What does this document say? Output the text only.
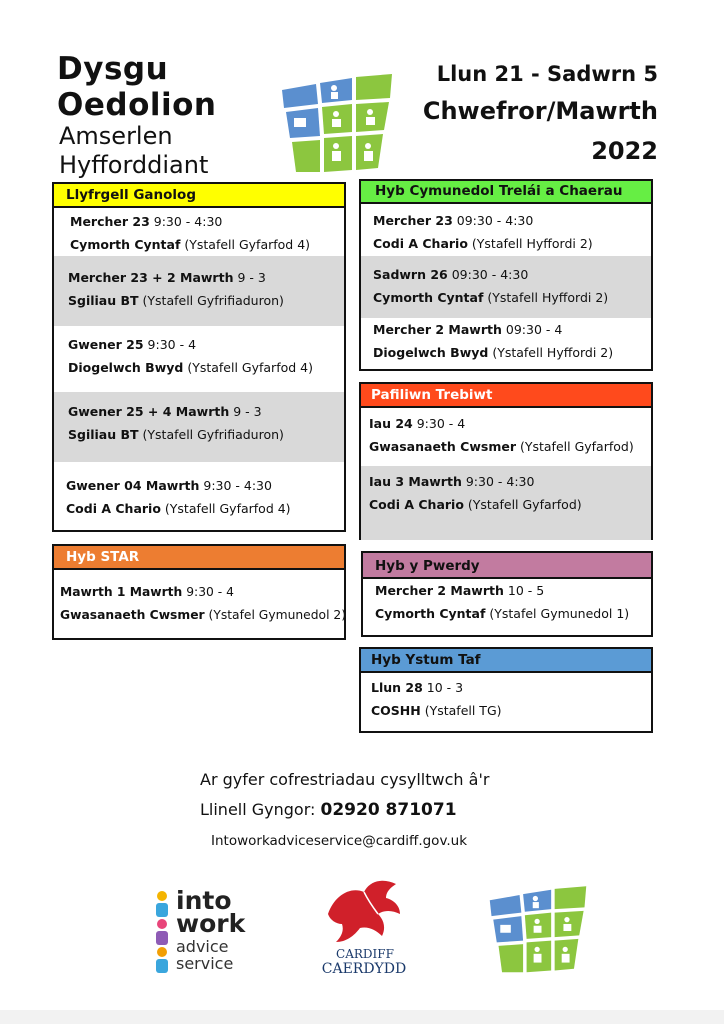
Dysgu
Oedolion
Amserlen
Hyfforddiant
Llun 21 - Sadwrn 5
Chwefror/Mawrth
2022
Llyfrgell Ganolog
Mercher 23 9:30 - 4:30
Cymorth Cyntaf (Ystafell Gyfarfod 4)
Mercher 23 + 2 Mawrth 9 - 3
Sgiliau BT (Ystafell Gyfrifiaduron)
Gwener 25 9:30 - 4
Diogelwch Bwyd (Ystafell Gyfarfod 4)
Gwener 25 + 4 Mawrth 9 - 3
Sgiliau BT (Ystafell Gyfrifiaduron)
Gwener 04 Mawrth 9:30 - 4:30
Codi A Chario (Ystafell Gyfarfod 4)
Hyb STAR
Mawrth 1 Mawrth 9:30 - 4
Gwasanaeth Cwsmer (Ystafel Gymunedol 2)
Hyb Cymunedol Trelái a Chaerau
Mercher 23 09:30 - 4:30
Codi A Chario (Ystafell Hyffordi 2)
Sadwrn 26 09:30 - 4:30
Cymorth Cyntaf (Ystafell Hyffordi 2)
Mercher 2 Mawrth 09:30 - 4
Diogelwch Bwyd (Ystafell Hyffordi 2)
Pafiliwn Trebiwt
Iau 24 9:30 - 4
Gwasanaeth Cwsmer (Ystafell Gyfarfod)
Iau 3 Mawrth 9:30 - 4:30
Codi A Chario (Ystafell Gyfarfod)
Hyb y Pwerdy
Mercher 2 Mawrth 10 - 5
Cymorth Cyntaf (Ystafel Gymunedol 1)
Hyb Ystum Taf
Llun 28 10 - 3
COSHH (Ystafell TG)
Ar gyfer cofrestriadau cysylltwch â'r
Llinell Gyngor: 02920 871071
Intoworkadviceservice@cardiff.gov.uk
into
work
advice
service	CARDIFF
CAERDYDD
